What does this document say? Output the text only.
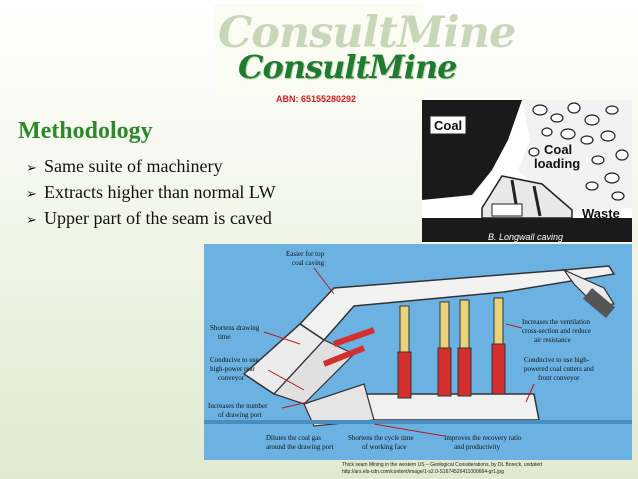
ConsultMine
ConsultMine
ABN: 65155280292
Methodology
➢ Same suite of machinery
➢ Extracts higher than normal LW
➢ Upper part of the seam is caved
Coal
Coal
loading
Waste
B. Longwall caving
Easier for top
coal caving
Shortens drawing
time
Conducive to use
high-power rear
conveyor
Increases the number
of drawing port
Dilutes the coal gas
around the drawing port
Shortens the cycle time
of working face
Improves the recovery ratio
and productivity
Increases the ventilation
cross-section and reduce
air resistance
Conducive to use high-
powered coal cutters and
front conveyor
Thick seam Mining in the western US – Geological Considerations, by DL Boreck, undated
http://ars.els-cdn.com/content/image/1-s2.0-S1674526411000664-gr1.jpg
